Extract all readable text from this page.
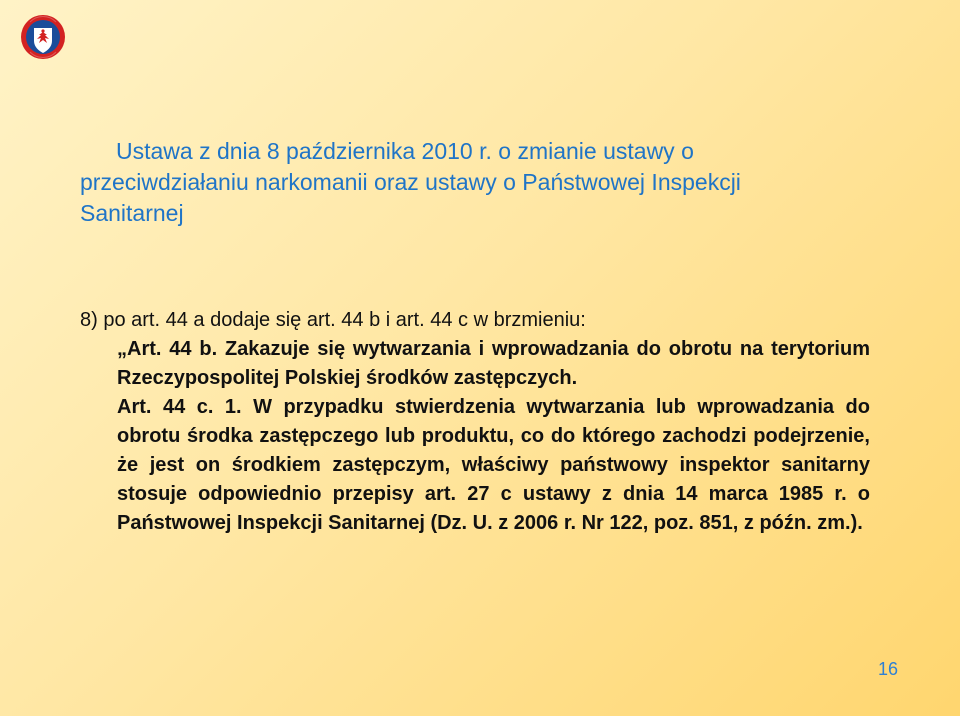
Ustawa z dnia 8 października 2010 r. o zmianie ustawy o
przeciwdziałaniu narkomanii oraz ustawy o Państwowej Inspekcji
Sanitarnej

8) po art. 44 a dodaje się art. 44 b i art. 44 c w brzmieniu:

„Art. 44 b. Zakazuje się wytwarzania i wprowadzania do obrotu na terytorium Rzeczypospolitej Polskiej środków zastępczych.

Art. 44 c. 1. W przypadku stwierdzenia wytwarzania lub wprowadzania do obrotu środka zastępczego lub produktu, co do którego zachodzi podejrzenie, że jest on środkiem zastępczym, właściwy państwowy inspektor sanitarny stosuje odpowiednio przepisy art. 27 c ustawy z dnia 14 marca 1985 r. o Państwowej Inspekcji Sanitarnej (Dz. U. z 2006 r. Nr 122, poz. 851, z późn. zm.).

16
